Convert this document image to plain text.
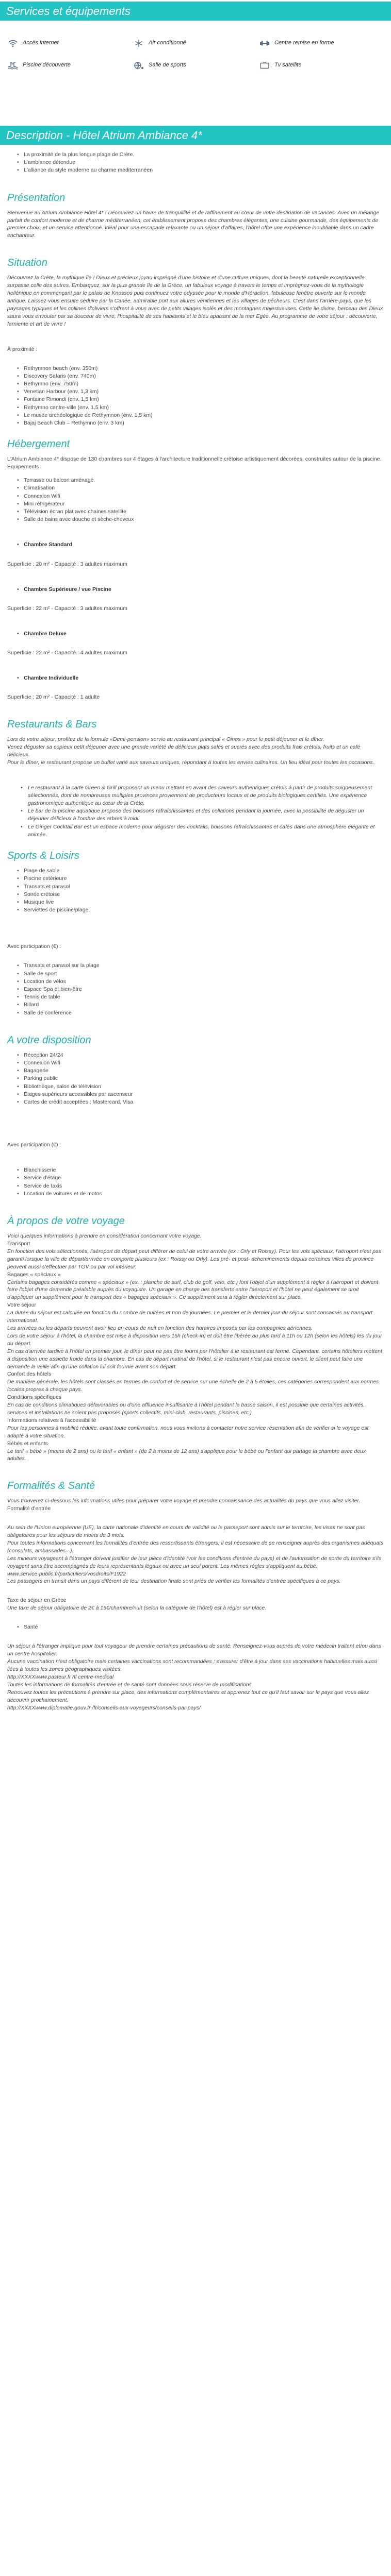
Services et équipements
Accès internet	Air conditionné	Centre remise en forme
Piscine découverte	Salle de sports	Tv satellite
Description - Hôtel Atrium Ambiance 4*
• La proximité de la plus longue plage de Crète.
• L'ambiance détendue
• L'alliance du style moderne au charme méditerranéen
Présentation

Bienvenue au Atrium Ambiance Hôtel 4* ! Découvrez un havre de tranquillité et de raffinement au cœur de votre destination de vacances. Avec un mélange parfait de confort moderne et de charme méditerranéen, cet établissement propose des chambres élégantes, une cuisine gourmande, des équipements de premier choix, et un service attentionné. Idéal pour une escapade relaxante ou un séjour d'affaires, l'hôtel offre une expérience inoubliable dans un cadre enchanteur.

Situation

Découvrez la Crète, la mythique île ! Dieux et précieux joyau imprégné d'une histoire et d'une culture uniques, dont la beauté naturelle exceptionnelle surpasse celle des autres. Embarquez, sur la plus grande île de la Grèce, un fabuleux voyage à travers le temps et imprégnez-vous de la mythologie hellénique en commençant par le palais de Knossos puis continuez votre odyssée pour le monde d'Héraclion, fabuleuse fenêtre ouverte sur le monde antique. Laissez-vous ensuite séduire par la Canée, admirable port aux allures vénitiennes et les villages de pêcheurs. C'est dans l'arrière-pays, que les paysages typiques et les collines d'oliviers s'offrent à vous avec de petits villages isolés et des montagnes majestueuses. Cette île divine, berceau des Dieux saura vous envouter par sa douceur de vivre, l'hospitalité de ses habitants et le bleu apaisant de la mer Egée. Au programme de votre séjour : découverte, farniente et art de vivre !

À proximité :

• Rethymnon beach (env. 350m)
• Discovery Safaris (env. 740m)
• Rethymno (env. 750m)
• Venetian Harbour (env. 1,3 km)
• Fontaine Rimondi (env. 1,5 km)
• Rethymno centre-ville (env. 1,5 km)
• Le musée archéologique de Rethymnon (env. 1,5 km)
• Bajaj Beach Club – Rethymno (env. 3 km)
Hébergement

L'Atrium Ambiance 4* dispose de 130 chambres sur 4 étages à l'architecture traditionnelle crétoise artistiquement décorées, construites autour de la piscine.

Equipements :

• Terrasse ou balcon aménagé
• Climatisation
• Connexion Wifi
• Mini réfrigérateur
• Télévision écran plat avec chaines satellite
• Salle de bains avec douche et sèche-cheveux
• Chambre Standard

Superficie : 20 m² - Capacité : 3 adultes maximum

• Chambre Supérieure / vue Piscine

Superficie : 22 m² - Capacité : 3 adultes maximum

• Chambre Deluxe

Superficie : 22 m² - Capacité : 4 adultes maximum

• Chambre Individuelle

Superficie : 20 m² - Capacité : 1 adulte

Restaurants & Bars

Lors de votre séjour, profitez de la formule «Demi-pension» servie au restaurant principal « Oinos » pour le petit déjeuner et le dîner.

Venez déguster sa copieux petit déjeuner avec une grande variété de délicieux plats salés et sucrés avec des produits frais crétois, fruits et un café délicieux.

Pour le dîner, le restaurant propose un buffet varié aux saveurs uniques, répondant à toutes les envies culinaires. Un lieu idéal pour toutes les occasions.

• Le restaurant à la carte Green & Grill proposent un menu mettant en avant des saveurs authentiques crétois à partir de produits soigneusement sélectionnés, dont de nombreuses multiples provinces proviennent de producteurs locaux et de produits biologiques certifiés. Une expérience gastronomique authentique au cœur de la Crète.
• Le bar de la piscine aquatique propose des boissons rafraîchissantes et des collations pendant la journée, avec la possibilité de déguster un déjeuner délicieux à l'ombre des arbres à midi.
• Le Ginger Cocktail Bar est un espace moderne pour déguster des cocktails, boissons rafraîchissantes et cafés dans une atmosphère élégante et animée.
Sports & Loisirs
• Plage de sable
• Piscine extérieure
• Transats et parasol
• Soirée crétoise
• Musique live
• Serviettes de piscine/plage.

Avec participation (€) :

• Transats et parasol sur la plage
• Salle de sport
• Location de vélos
• Espace Spa et bien-être
• Tennis de table
• Billard
• Salle de conférence
A votre disposition
• Réception 24/24
• Connexion Wifi
• Bagagerie
• Parking public
• Bibliothèque, salon de télévision
• Étages supérieurs accessibles par ascenseur
• Cartes de crédit acceptées : Mastercard, Visa

Avec participation (€) :

• Blanchisserie
• Service d'étage
• Service de taxis
• Location de voitures et de motos
À propos de votre voyage

Voici quelques informations à prendre en considération concernant votre voyage.

Transport

En fonction des vols sélectionnés, l'aéroport de départ peut différer de celui de votre arrivée (ex : Orly et Roissy). Pour les vols spéciaux, l'aéroport n'est pas garanti lorsque la ville de départ/arrivée en comporte plusieurs (ex : Roissy ou Orly). Les pré- et post- acheminements depuis certaines villes de province peuvent aussi s'effectuer par TGV ou par vol intérieur.

Bagages « spéciaux »

Certains bagages considérés comme « spéciaux » (ex. : planche de surf, club de golf, vélo, etc.) font l'objet d'un supplément à régler à l'aéroport et doivent faire l'objet d'une demande préalable auprès du voyagiste. Un garage en charge des transferts entre l'aéroport et l'hôtel ne peut également se droit d'appliquer un supplément pour le transport des « bagages spéciaux ». Ce supplément sera à régler directement sur place.

Votre séjour

La durée du séjour est calculée en fonction du nombre de nuitées et non de journées. Le premier et le dernier jour du séjour sont consacrés au transport international.

Les arrivées ou les départs peuvent avoir lieu en cours de nuit en fonction des horaires imposés par les compagnies aériennes.

Lors de votre séjour à l'hôtel, la chambre est mise à disposition vers 15h (check-in) et doit être libérée au plus tard à 11h ou 12h (selon les hôtels) les du jour du départ.

En cas d'arrivée tardive à l'hôtel en premier jour, le dîner peut ne pas être fourni par l'hôtelier à le restaurant est fermé. Cependant, certains hôteliers mettent à disposition une assiette froide dans la chambre. En cas de départ matinal de l'hôtel, si le restaurant n'est pas encore ouvert, le client peut faire une demande la veille afin qu'une collation lui soit fournie avant son départ.

Confort des hôtels

De manière générale, les hôtels sont classés en termes de confort et de service sur une échelle de 2 à 5 étoiles, ces catégories correspondent aux normes locales propres à chaque pays.

Conditions spécifiques

En cas de conditions climatiques défavorables ou d'une affluence insuffisante à l'hôtel pendant la basse saison, il est possible que certaines activités, services et installations ne soient pas proposés (sports collectifs, mini-club, restaurants, piscines, etc.).

Informations relatives à l'accessibilité

Pour les personnes à mobilité réduite, avant toute confirmation, nous vous invitons à contacter notre service réservation afin de vérifier si le voyage est adapté à votre situation.

Bébés et enfants

Le tarif « bébé » (moins de 2 ans) ou le tarif « enfant » (de 2 à moins de 12 ans) s'applique pour le bébé ou l'enfant qui partage la chambre avec deux adultes.

Formalités & Santé

Vous trouverez ci-dessous les informations utiles pour préparer votre voyage et prendre connaissance des actualités du pays que vous allez visiter.

Formalité d'entrée

Au sein de l'Union européenne (UE), la carte nationale d'identité en cours de validité ou le passeport sont admis sur le territoire, les visas ne sont pas obligatoires pour les séjours de moins de 3 mois.

Pour toutes informations concernant les formalités d'entrée des ressortissants étrangers, il est nécessaire de se renseigner auprès des organismes adéquats (consulats, ambassades...).

Les mineurs voyageant à l'étranger doivent justifier de leur pièce d'identité (voir les conditions d'entrée du pays) et de l'autorisation de sortie du territoire s'ils voyagent sans être accompagnés de leurs représentants légaux ou avec un seul parent. Les mêmes règles s'appliquent au bébé.

www.service-public.fr/particuliers/vosdroits/F1922

Les passagers en transit dans un pays différent de leur destination finale sont priés de vérifier les formalités d'entrée spécifiques à ce pays.

Taxe de séjour en Grèce

Une taxe de séjour obligatoire de 2€ à 15€/chambre/nuit (selon la catégorie de l'hôtel) est à régler sur place.

• Santé

Un séjour à l'étranger implique pour tout voyageur de prendre certaines précautions de santé. Renseignez-vous auprès de votre médecin traitant et/ou dans un centre hospitalier.

Aucune vaccination n'est obligatoire mais certaines vaccinations sont recommandées ; s'assurer d'être à jour dans ses vaccinations habituelles mais aussi liées à toutes les zones géographiques visitées.

http://XXXXwww.pasteur.fr /Il centre-medical

Toutes les informations de formalités d'entrée et de santé sont données sous réserve de modifications.

Retrouvez toutes les précautions à prendre sur place, des informations complémentaires et apprenez tout ce qu'il faut savoir sur le pays que vous allez découvrir prochainement.

http://XXXXwww.diplomatie.gouv.fr /fr/conseils-aux-voyageurs/conseils-par-pays/
